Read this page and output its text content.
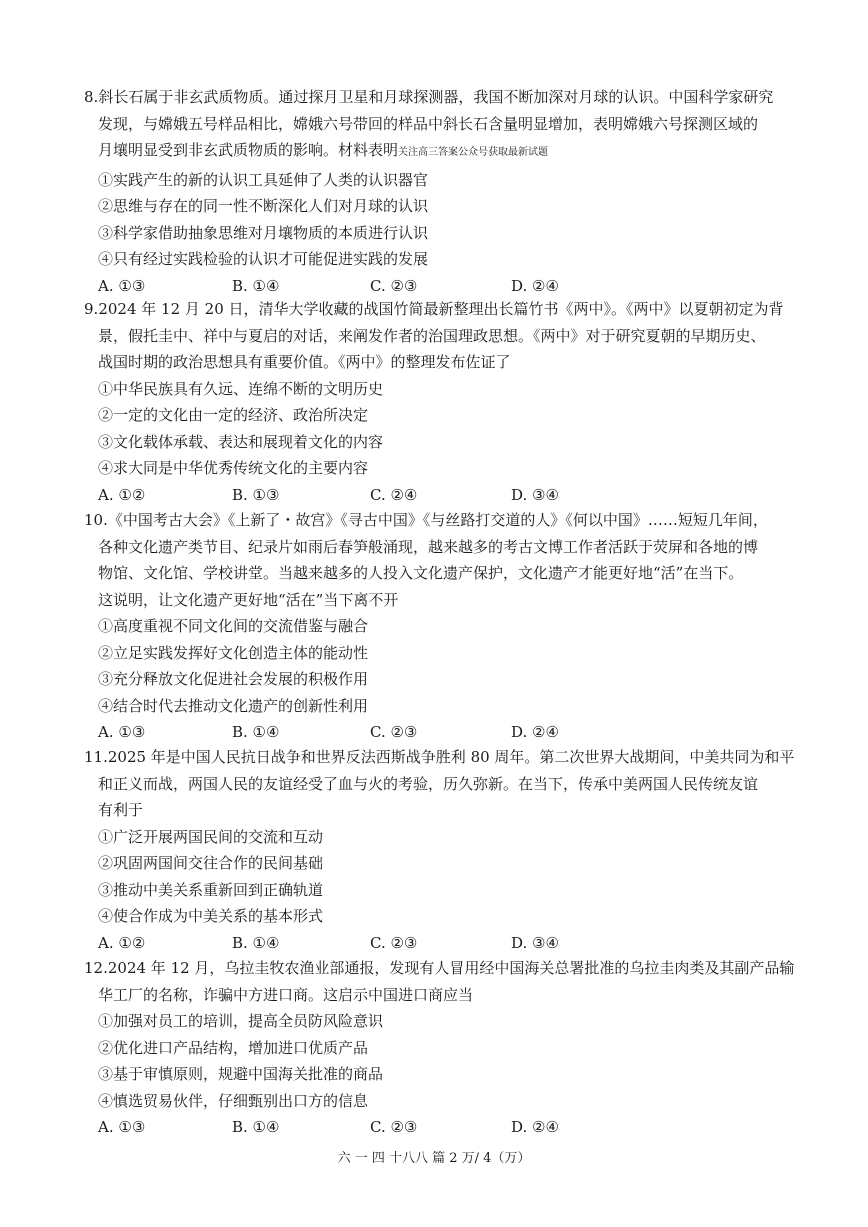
8.斜长石属于非玄武质物质。通过探月卫星和月球探测器，我国不断加深对月球的认识。中国科学家研究
发现，与嫦娥五号样品相比，嫦娥六号带回的样品中斜长石含量明显增加，表明嫦娥六号探测区域的
月壤明显受到非玄武质物质的影响。材料表明关注高三答案公众号获取最新试题

①实践产生的新的认识工具延伸了人类的认识器官

②思维与存在的同一性不断深化人们对月球的认识

③科学家借助抽象思维对月壤物质的本质进行认识

④只有经过实践检验的认识才可能促进实践的发展

A. ①③	B. ①④	C. ②③	D. ②④

9.2024 年 12 月 20 日，清华大学收藏的战国竹简最新整理出长篇竹书《两中》。《两中》以夏朝初定为背
景，假托圭中、祥中与夏启的对话，来阐发作者的治国理政思想。《两中》对于研究夏朝的早期历史、
战国时期的政治思想具有重要价值。《两中》的整理发布佐证了

①中华民族具有久远、连绵不断的文明历史

②一定的文化由一定的经济、政治所决定

③文化载体承载、表达和展现着文化的内容

④求大同是中华优秀传统文化的主要内容

A. ①②	B. ①③	C. ②④	D. ③④

10.《中国考古大会》《上新了・故宫》《寻古中国》《与丝路打交道的人》《何以中国》……短短几年间，
各种文化遗产类节目、纪录片如雨后春笋般涌现，越来越多的考古文博工作者活跃于荧屏和各地的博
物馆、文化馆、学校讲堂。当越来越多的人投入文化遗产保护，文化遗产才能更好地“活”在当下。
这说明，让文化遗产更好地“活在”当下离不开

①高度重视不同文化间的交流借鉴与融合

②立足实践发挥好文化创造主体的能动性

③充分释放文化促进社会发展的积极作用

④结合时代去推动文化遗产的创新性利用

A. ①③	B. ①④	C. ②③	D. ②④

11.2025 年是中国人民抗日战争和世界反法西斯战争胜利 80 周年。第二次世界大战期间，中美共同为和平
和正义而战，两国人民的友谊经受了血与火的考验，历久弥新。在当下，传承中美两国人民传统友谊
有利于

①广泛开展两国民间的交流和互动

②巩固两国间交往合作的民间基础

③推动中美关系重新回到正确轨道

④使合作成为中美关系的基本形式

A. ①②	B. ①④	C. ②③	D. ③④

12.2024 年 12 月，乌拉圭牧农渔业部通报，发现有人冒用经中国海关总署批准的乌拉圭肉类及其副产品输
华工厂的名称，诈骗中方进口商。这启示中国进口商应当

①加强对员工的培训，提高全员防风险意识

②优化进口产品结构，增加进口优质产品

③基于审慎原则，规避中国海关批准的商品

④慎选贸易伙伴，仔细甄别出口方的信息

A. ①③	B. ①④	C. ②③	D. ②④
六 一 四 十八八 篇 2 万/ 4（万）
